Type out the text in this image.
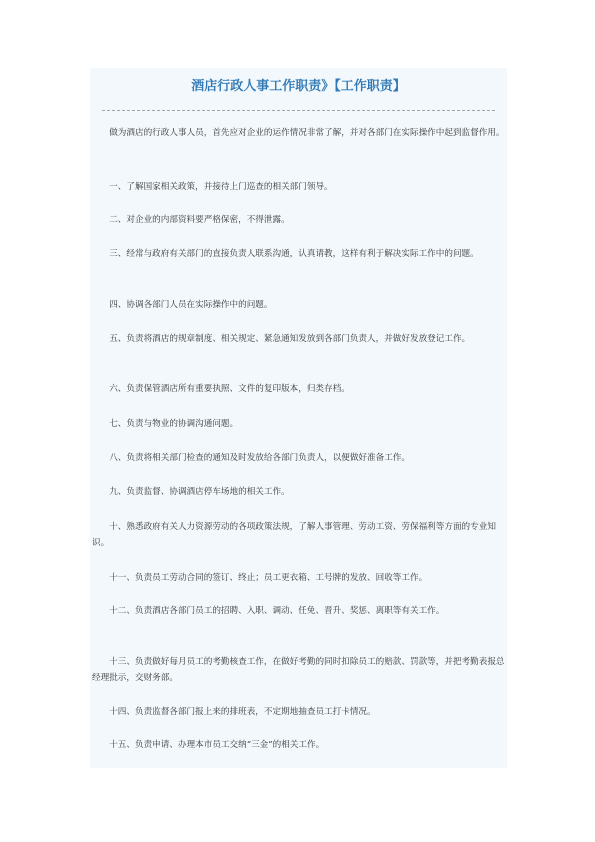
酒店行政人事工作职责》【工作职责】

做为酒店的行政人事人员，首先应对企业的运作情况非常了解，并对各部门在实际操作中起到监督作用。

一、了解国家相关政策，并接待上门巡查的相关部门领导。

二、对企业的内部资料要严格保密，不得泄露。

三、经常与政府有关部门的直接负责人联系沟通，认真请教，这样有利于解决实际工作中的问题。

四、协调各部门人员在实际操作中的问题。

五、负责将酒店的规章制度、相关规定、紧急通知发放到各部门负责人，并做好发放登记工作。

六、负责保管酒店所有重要执照、文件的复印版本，归类存档。

七、负责与物业的协调沟通问题。

八、负责将相关部门检查的通知及时发放给各部门负责人，以便做好准备工作。

九、负责监督、协调酒店停车场地的相关工作。

十、熟悉政府有关人力资源劳动的各项政策法规，了解人事管理、劳动工资、劳保福利等方面的专业知识。

十一、负责员工劳动合同的签订、终止；员工更衣箱、工号牌的发放、回收等工作。

十二、负责酒店各部门员工的招聘、入职、调动、任免、晋升、奖惩、离职等有关工作。

十三、负责做好每月员工的考勤核查工作，在做好考勤的同时扣除员工的赔款、罚款等，并把考勤表报总经理批示，交财务部。

十四、负责监督各部门报上来的排班表，不定期地抽查员工打卡情况。

十五、负责申请、办理本市员工交纳“三金”的相关工作。
